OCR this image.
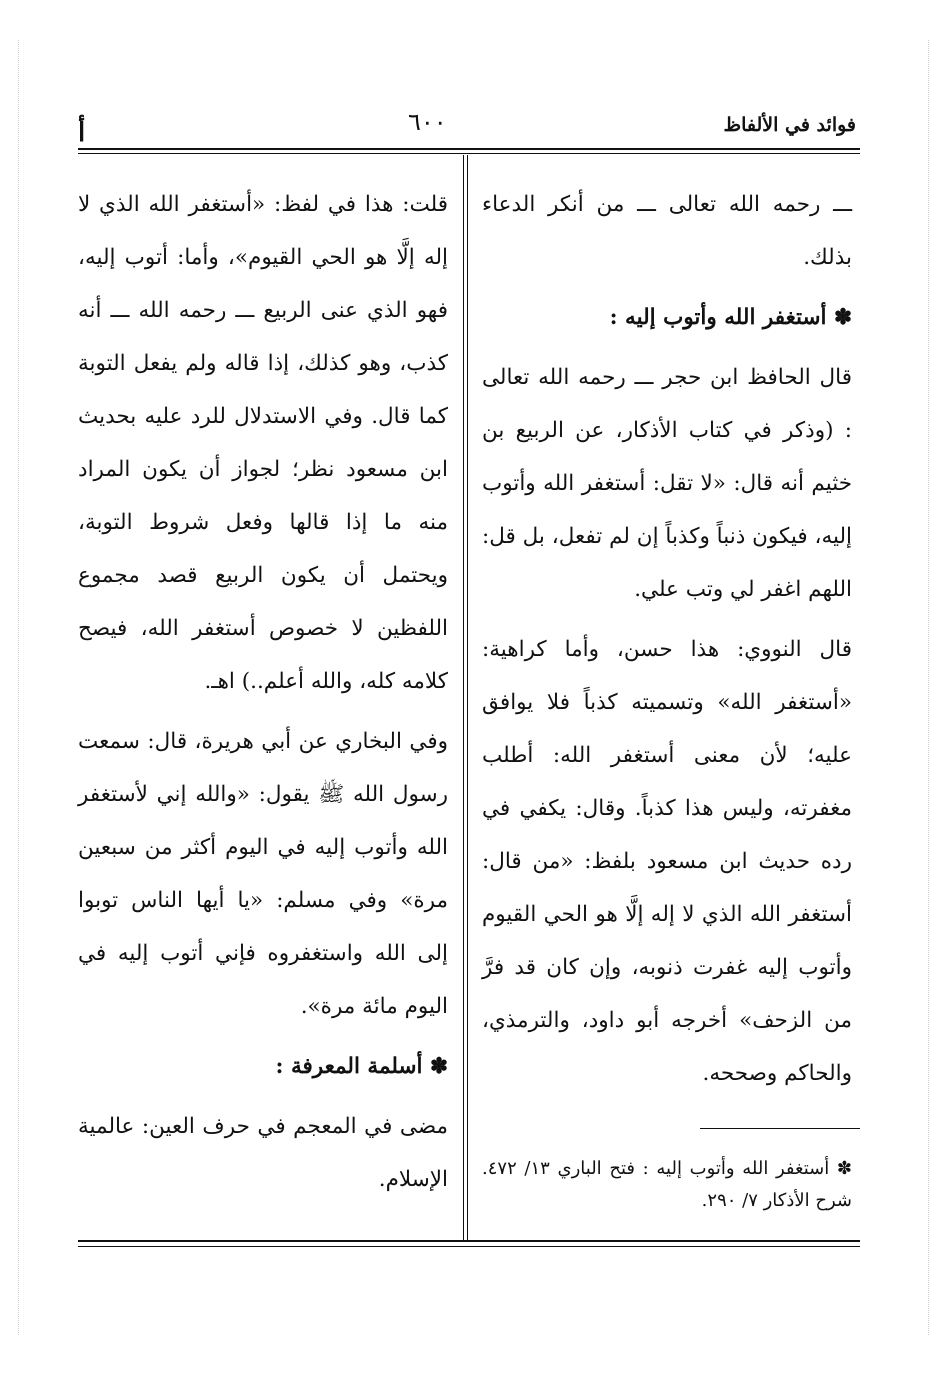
فوائد في الألفاظ
٦٠٠
أ

ـــ رحمه الله تعالى ـــ من أنكر الدعاء بذلك.

✽ أستغفر الله وأتوب إليه :

قال الحافظ ابن حجر ـــ رحمه الله تعالى : (وذكر في كتاب الأذكار، عن الربيع بن خثيم أنه قال: «لا تقل: أستغفر الله وأتوب إليه، فيكون ذنباً وكذباً إن لم تفعل، بل قل: اللهم اغفر لي وتب علي.

قال النووي: هذا حسن، وأما كراهية: «أستغفر الله» وتسميته كذباً فلا يوافق عليه؛ لأن معنى أستغفر الله: أطلب مغفرته، وليس هذا كذباً. وقال: يكفي في رده حديث ابن مسعود بلفظ: «من قال: أستغفر الله الذي لا إله إلَّا هو الحي القيوم وأتوب إليه غفرت ذنوبه، وإن كان قد فرَّ من الزحف» أخرجه أبو داود، والترمذي، والحاكم وصححه.

قلت: هذا في لفظ: «أستغفر الله الذي لا إله إلَّا هو الحي القيوم»، وأما: أتوب إليه، فهو الذي عنى الربيع ـــ رحمه الله ـــ أنه كذب، وهو كذلك، إذا قاله ولم يفعل التوبة كما قال. وفي الاستدلال للرد عليه بحديث ابن مسعود نظر؛ لجواز أن يكون المراد منه ما إذا قالها وفعل شروط التوبة، ويحتمل أن يكون الربيع قصد مجموع اللفظين لا خصوص أستغفر الله، فيصح كلامه كله، والله أعلم..) اهـ.

وفي البخاري عن أبي هريرة، قال: سمعت رسول الله ﷺ يقول: «والله إني لأستغفر الله وأتوب إليه في اليوم أكثر من سبعين مرة» وفي مسلم: «يا أيها الناس توبوا إلى الله واستغفروه فإني أتوب إليه في اليوم مائة مرة».

✽ أسلمة المعرفة :

مضى في المعجم في حرف العين: عالمية الإسلام. ✽ أستغفر الله وأتوب إليه : فتح الباري ١٣/ ٤٧٢. شرح الأذكار ٧/ ٢٩٠.
